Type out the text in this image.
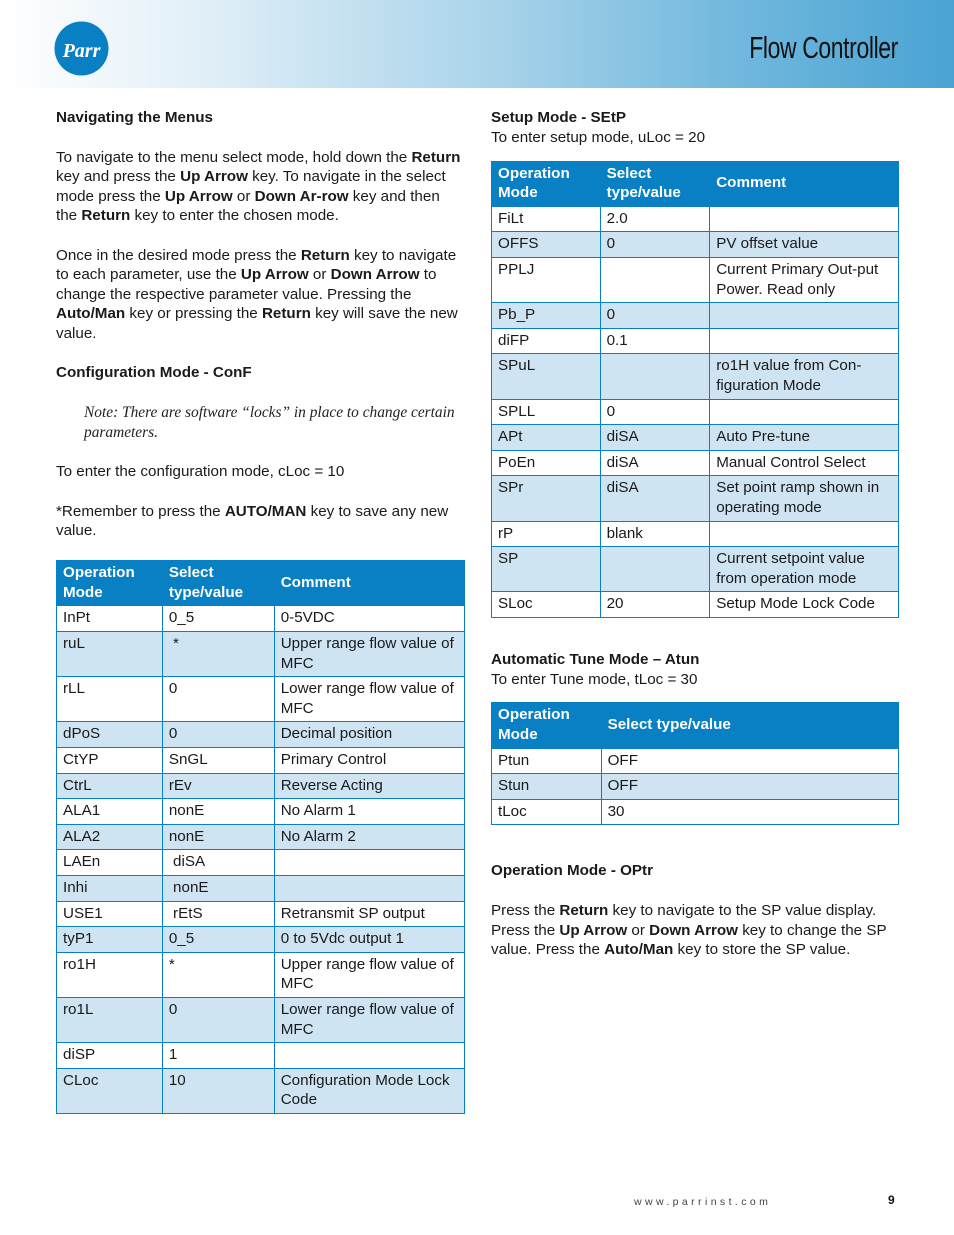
Parr	Flow Controller
Navigating the Menus

To navigate to the menu select mode, hold down the Return key and press the Up Arrow key. To navigate in the select mode press the Up Arrow or Down Ar-row key and then the Return key to enter the chosen mode.

Once in the desired mode press the Return key to navigate to each parameter, use the Up Arrow or Down Arrow to change the respective parameter value. Pressing the Auto/Man key or pressing the Return key will save the new value.

Configuration Mode - ConF

Note: There are software “locks” in place to change certain parameters.

To enter the configuration mode, cLoc = 10

*Remember to press the AUTO/MAN key to save any new value.

Operation Mode	Select type/value	Comment
InPt	0_5	0-5VDC
ruL	*	Upper range flow value of MFC
rLL	0	Lower range flow value of MFC
dPoS	0	Decimal position
CtYP	SnGL	Primary Control
CtrL	rEv	Reverse Acting
ALA1	nonE	No Alarm 1
ALA2	nonE	No Alarm 2
LAEn	diSA	
Inhi	nonE	
USE1	rEtS	Retransmit SP output
tyP1	0_5	0 to 5Vdc output 1
ro1H	*	Upper range flow value of MFC
ro1L	0	Lower range flow value of MFC
diSP	1	
CLoc	10	Configuration Mode Lock Code
Setup Mode - SEtP

To enter setup mode, uLoc = 20

Operation Mode	Select type/value	Comment
FiLt	2.0	
OFFS	0	PV offset value
PPLJ		Current Primary Out-put Power. Read only
Pb_P	0	
diFP	0.1	
SPuL		ro1H value from Con-figuration Mode
SPLL	0	
APt	diSA	Auto Pre-tune
PoEn	diSA	Manual Control Select
SPr	diSA	Set point ramp shown in operating mode
rP	blank	
SP		Current setpoint value from operation mode
SLoc	20	Setup Mode Lock Code
Automatic Tune Mode – Atun

To enter Tune mode, tLoc = 30

Operation Mode	Select type/value
Ptun	OFF
Stun	OFF
tLoc	30
Operation Mode - OPtr

Press the Return key to navigate to the SP value display. Press the Up Arrow or Down Arrow key to change the SP value. Press the Auto/Man key to store the SP value.

www.parrinst.com	9
